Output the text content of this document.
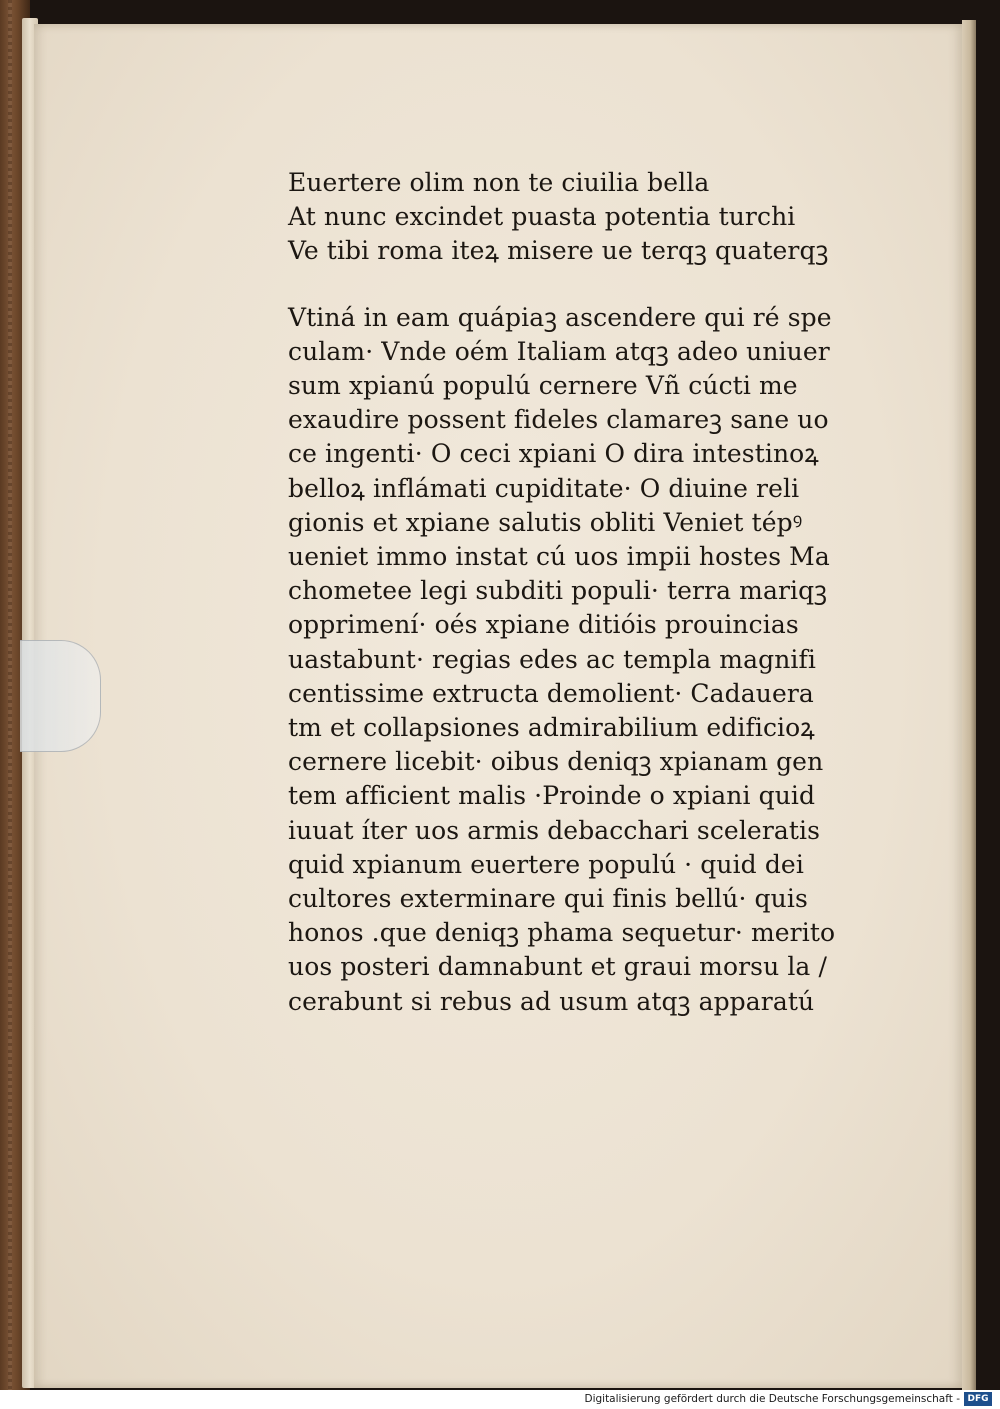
Euertere olim non te ciuilia bella
At nunc excindet puasta potentia turchi
Ve tibi roma iteꝝ misere ue terqꝫ quaterqꝫ
Vtiná in eam quápiaꝫ ascendere qui ré spe
culam· Vnde oém Italiam atqꝫ adeo uniuer
sum xpianú populú cernere Vñ cúcti me
exaudire possent fideles clamareꝫ sane uo
ce ingenti· O ceci xpiani O dira intestinoꝝ
belloꝝ inflámati cupiditate· O diuine reli
gionis et xpiane salutis obliti Veniet tépꝰ
ueniet immo instat cú uos impii hostes Ma
chometee legi subditi populi· terra mariqꝫ
opprimení· oés xpiane ditióis prouincias
uastabunt· regias edes ac templa magnifi
centissime extructa demolient· Cadauera
tm et collapsiones admirabilium edificioꝝ
cernere licebit· oibus deniqꝫ xpianam gen
tem afficient malis ·Proinde o xpiani quid
iuuat íter uos armis debacchari sceleratis
quid xpianum euertere populú · quid dei
cultores exterminare qui finis bellú· quis
honos .que deniqꝫ phama sequetur· merito
uos posteri damnabunt et graui morsu la /
cerabunt si rebus ad usum atqꝫ apparatú
Digitalisierung gefördert durch die Deutsche Forschungsgemeinschaft - DFG
